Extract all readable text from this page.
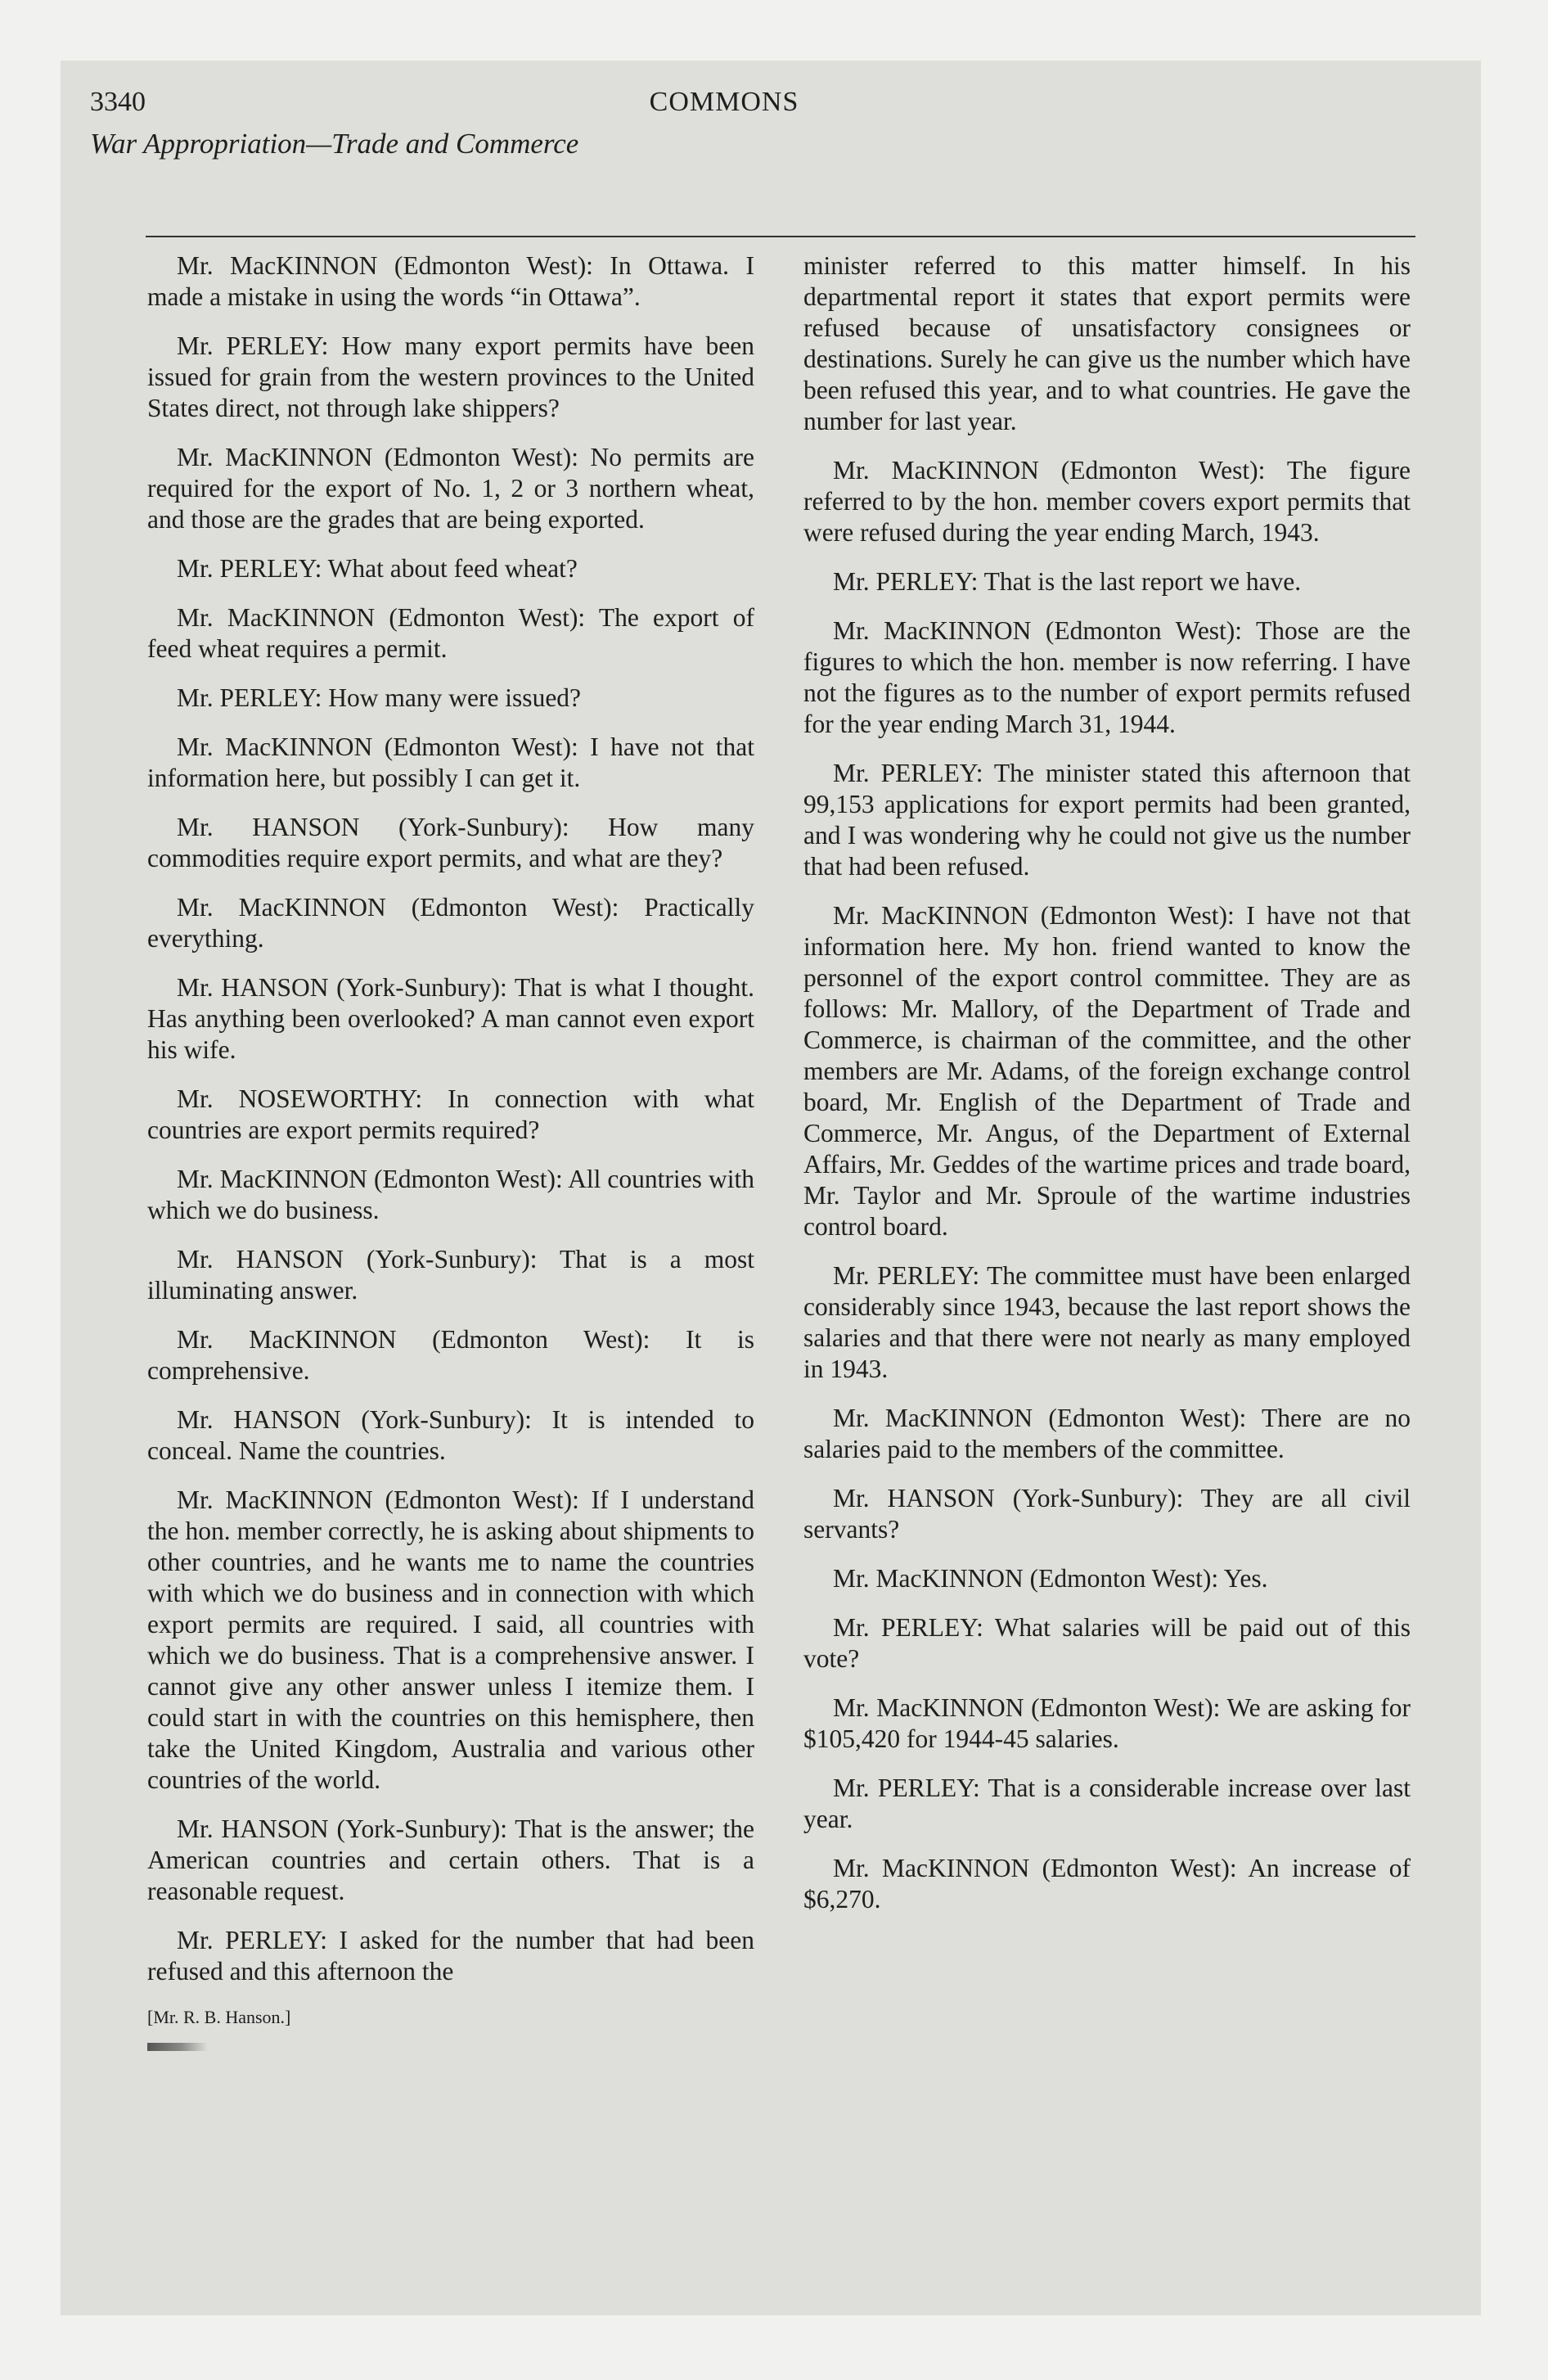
3340	COMMONS
War Appropriation—Trade and Commerce

Mr. MacKINNON (Edmonton West): In Ottawa. I made a mistake in using the words “in Ottawa”.

Mr. PERLEY: How many export permits have been issued for grain from the western provinces to the United States direct, not through lake shippers?

Mr. MacKINNON (Edmonton West): No permits are required for the export of No. 1, 2 or 3 northern wheat, and those are the grades that are being exported.

Mr. PERLEY: What about feed wheat?

Mr. MacKINNON (Edmonton West): The export of feed wheat requires a permit.

Mr. PERLEY: How many were issued?

Mr. MacKINNON (Edmonton West): I have not that information here, but possibly I can get it.

Mr. HANSON (York-Sunbury): How many commodities require export permits, and what are they?

Mr. MacKINNON (Edmonton West): Practically everything.

Mr. HANSON (York-Sunbury): That is what I thought. Has anything been overlooked? A man cannot even export his wife.

Mr. NOSEWORTHY: In connection with what countries are export permits required?

Mr. MacKINNON (Edmonton West): All countries with which we do business.

Mr. HANSON (York-Sunbury): That is a most illuminating answer.

Mr. MacKINNON (Edmonton West): It is comprehensive.

Mr. HANSON (York-Sunbury): It is intended to conceal. Name the countries.

Mr. MacKINNON (Edmonton West): If I understand the hon. member correctly, he is asking about shipments to other countries, and he wants me to name the countries with which we do business and in connection with which export permits are required. I said, all countries with which we do business. That is a comprehensive answer. I cannot give any other answer unless I itemize them. I could start in with the countries on this hemisphere, then take the United Kingdom, Australia and various other countries of the world.

Mr. HANSON (York-Sunbury): That is the answer; the American countries and certain others. That is a reasonable request.

Mr. PERLEY: I asked for the number that had been refused and this afternoon the

[Mr. R. B. Hanson.]

minister referred to this matter himself. In his departmental report it states that export permits were refused because of unsatisfactory consignees or destinations. Surely he can give us the number which have been refused this year, and to what countries. He gave the number for last year.

Mr. MacKINNON (Edmonton West): The figure referred to by the hon. member covers export permits that were refused during the year ending March, 1943.

Mr. PERLEY: That is the last report we have.

Mr. MacKINNON (Edmonton West): Those are the figures to which the hon. member is now referring. I have not the figures as to the number of export permits refused for the year ending March 31, 1944.

Mr. PERLEY: The minister stated this afternoon that 99,153 applications for export permits had been granted, and I was wondering why he could not give us the number that had been refused.

Mr. MacKINNON (Edmonton West): I have not that information here. My hon. friend wanted to know the personnel of the export control committee. They are as follows: Mr. Mallory, of the Department of Trade and Commerce, is chairman of the committee, and the other members are Mr. Adams, of the foreign exchange control board, Mr. English of the Department of Trade and Commerce, Mr. Angus, of the Department of External Affairs, Mr. Geddes of the wartime prices and trade board, Mr. Taylor and Mr. Sproule of the wartime industries control board.

Mr. PERLEY: The committee must have been enlarged considerably since 1943, because the last report shows the salaries and that there were not nearly as many employed in 1943.

Mr. MacKINNON (Edmonton West): There are no salaries paid to the members of the committee.

Mr. HANSON (York-Sunbury): They are all civil servants?

Mr. MacKINNON (Edmonton West): Yes.

Mr. PERLEY: What salaries will be paid out of this vote?

Mr. MacKINNON (Edmonton West): We are asking for $105,420 for 1944-45 salaries.

Mr. PERLEY: That is a considerable increase over last year.

Mr. MacKINNON (Edmonton West): An increase of $6,270.
